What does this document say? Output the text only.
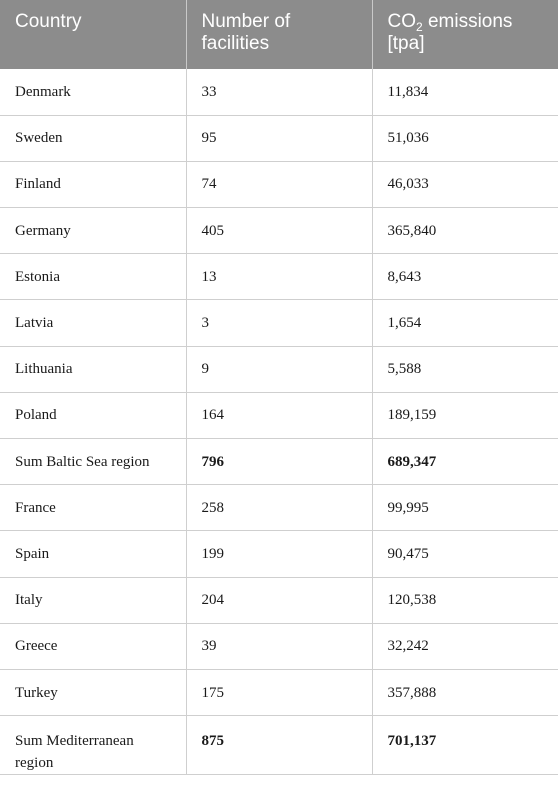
Country	Number of facilities	$CO_2$ emissions [tpa]
Denmark	33	11,834
Sweden	95	51,036
Finland	74	46,033
Germany	405	365,840
Estonia	13	8,643
Latvia	3	1,654
Lithuania	9	5,588
Poland	164	189,159
Sum Baltic Sea region	796	689,347
France	258	99,995
Spain	199	90,475
Italy	204	120,538
Greece	39	32,242
Turkey	175	357,888
Sum Mediterranean region	875	701,137
